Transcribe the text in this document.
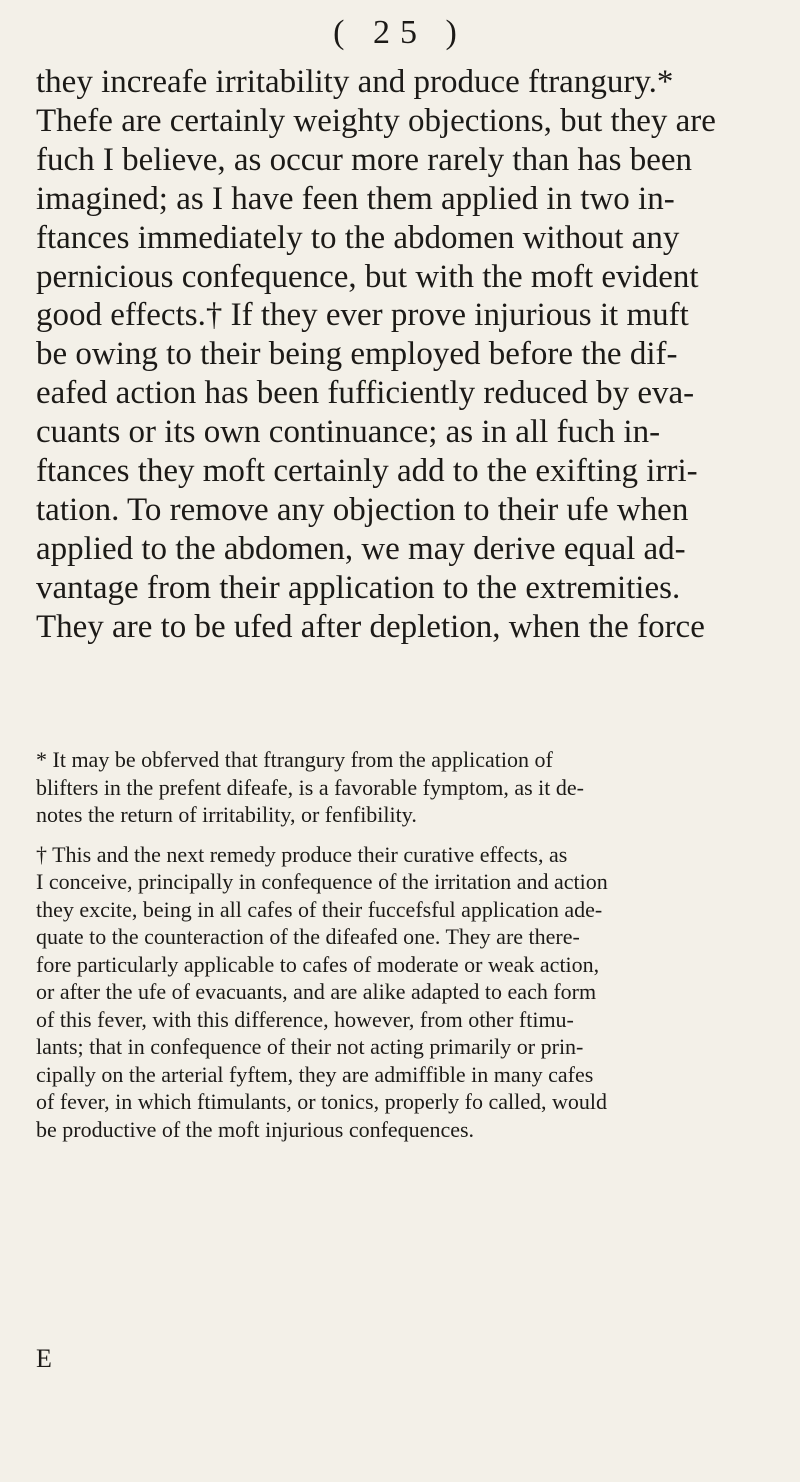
( 25 )
they increafe irritability and produce ftrangury.*
Thefe are certainly weighty objections, but they are
fuch I believe, as occur more rarely than has been
imagined; as I have feen them applied in two in-
ftances immediately to the abdomen without any
pernicious confequence, but with the moft evident
good effects.† If they ever prove injurious it muft
be owing to their being employed before the dif-
eafed action has been fufficiently reduced by eva-
cuants or its own continuance; as in all fuch in-
ftances they moft certainly add to the exifting irri-
tation. To remove any objection to their ufe when
applied to the abdomen, we may derive equal ad-
vantage from their application to the extremities.
They are to be ufed after depletion, when the force
* It may be obferved that ftrangury from the application of
blifters in the prefent difeafe, is a favorable fymptom, as it de-
notes the return of irritability, or fenfibility.
† This and the next remedy produce their curative effects, as
I conceive, principally in confequence of the irritation and action
they excite, being in all cafes of their fuccefsful application ade-
quate to the counteraction of the difeafed one. They are there-
fore particularly applicable to cafes of moderate or weak action,
or after the ufe of evacuants, and are alike adapted to each form
of this fever, with this difference, however, from other ftimu-
lants; that in confequence of their not acting primarily or prin-
cipally on the arterial fyftem, they are admiffible in many cafes
of fever, in which ftimulants, or tonics, properly fo called, would
be productive of the moft injurious confequences.
E
